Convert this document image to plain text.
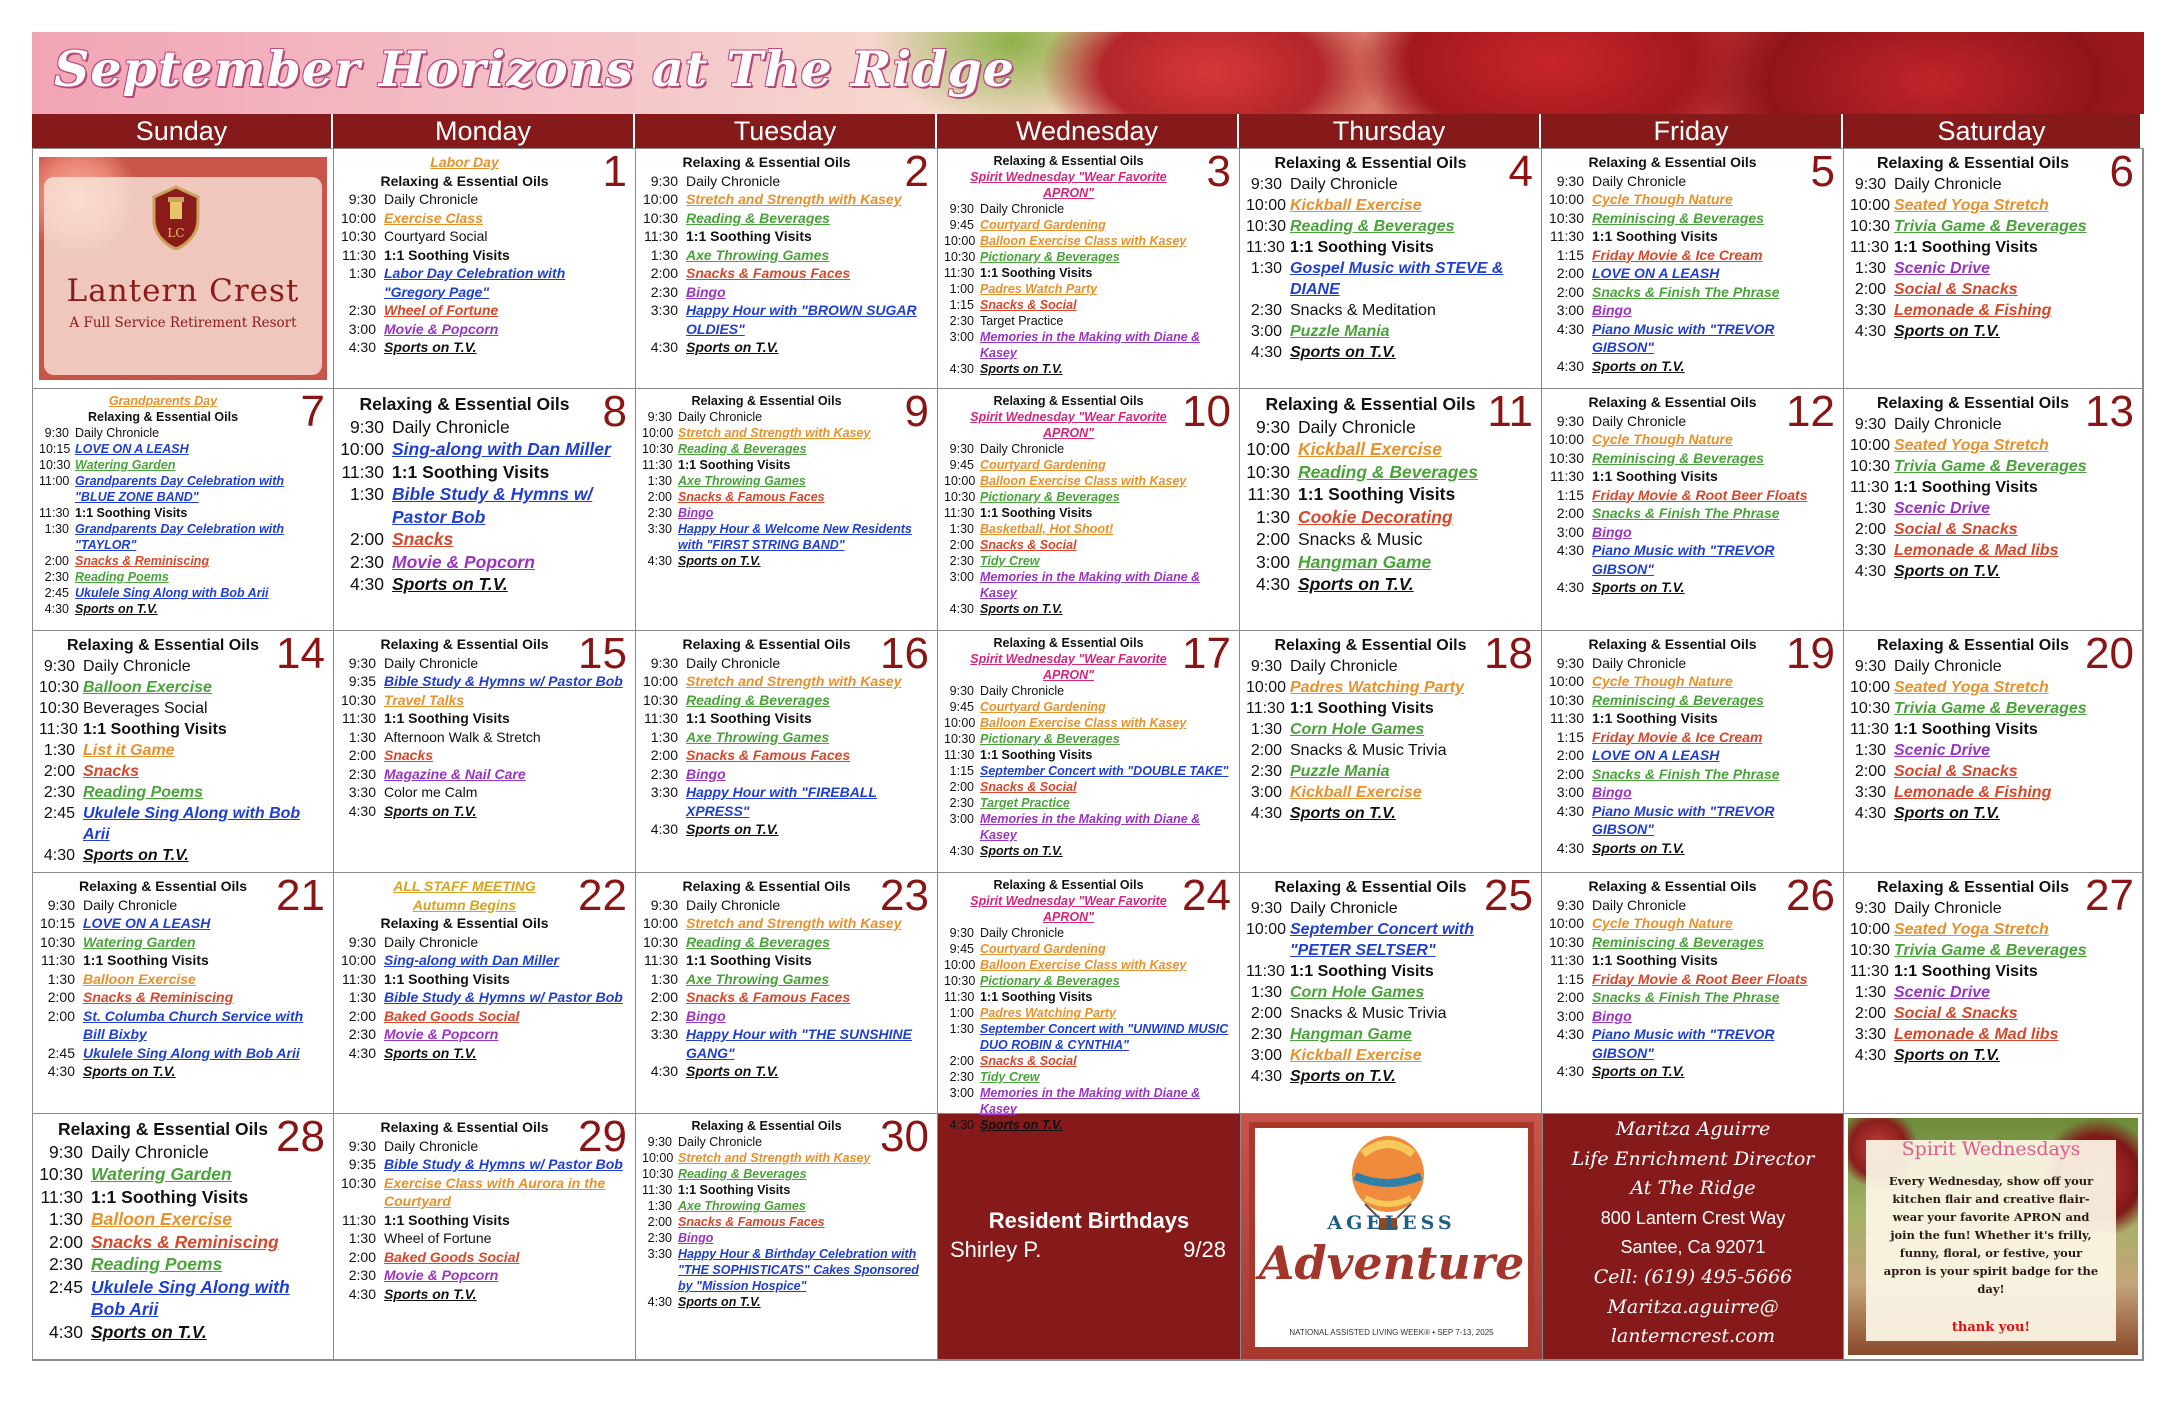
September Horizons at The Ridge
Sunday	Monday	Tuesday	Wednesday	Thursday	Friday	Saturday
LC
Lantern Crest
A Full Service Retirement Resort
Resident Birthdays
Shirley P.	9/28
AGELESS
Adventure
NATIONAL ASSISTED LIVING WEEK® • SEP 7-13, 2025
Maritza Aguirre
Life Enrichment Director
At The Ridge
800 Lantern Crest Way
Santee, Ca 92071
Cell: (619) 495-5666
Maritza.aguirre@
lanterncrest.com
Spirit Wednesdays
Every Wednesday, show off your kitchen flair and creative flair-wear your favorite APRON and join the fun! Whether it's frilly, funny, floral, or festive, your apron is your spirit badge for the day!
thank you!
1
Labor Day
Relaxing & Essential Oils
9:30 Daily Chronicle
10:00 Exercise Class
10:30 Courtyard Social
11:30 1:1 Soothing Visits
1:30 Labor Day Celebration with "Gregory Page"
2:30 Wheel of Fortune
3:00 Movie & Popcorn
4:30 Sports on T.V.
2
Relaxing & Essential Oils
9:30 Daily Chronicle
10:00 Stretch and Strength with Kasey
10:30 Reading & Beverages
11:30 1:1 Soothing Visits
1:30 Axe Throwing Games
2:00 Snacks & Famous Faces
2:30 Bingo
3:30 Happy Hour with "BROWN SUGAR OLDIES"
4:30 Sports on T.V.
3
Relaxing & Essential Oils
Spirit Wednesday "Wear Favorite APRON"
9:30 Daily Chronicle
9:45 Courtyard Gardening
10:00 Balloon Exercise Class with Kasey
10:30 Pictionary & Beverages
11:30 1:1 Soothing Visits
1:00 Padres Watch Party
1:15 Snacks & Social
2:30 Target Practice
3:00 Memories in the Making with Diane & Kasey
4:30 Sports on T.V.
4
Relaxing & Essential Oils
9:30 Daily Chronicle
10:00 Kickball Exercise
10:30 Reading & Beverages
11:30 1:1 Soothing Visits
1:30 Gospel Music with STEVE & DIANE
2:30 Snacks & Meditation
3:00 Puzzle Mania
4:30 Sports on T.V.
5
Relaxing & Essential Oils
9:30 Daily Chronicle
10:00 Cycle Though Nature
10:30 Reminiscing & Beverages
11:30 1:1 Soothing Visits
1:15 Friday Movie & Ice Cream
2:00 LOVE ON A LEASH
2:00 Snacks & Finish The Phrase
3:00 Bingo
4:30 Piano Music with "TREVOR GIBSON"
4:30 Sports on T.V.
6
Relaxing & Essential Oils
9:30 Daily Chronicle
10:00 Seated Yoga Stretch
10:30 Trivia Game & Beverages
11:30 1:1 Soothing Visits
1:30 Scenic Drive
2:00 Social & Snacks
3:30 Lemonade & Fishing
4:30 Sports on T.V.
7
Grandparents Day
Relaxing & Essential Oils
9:30 Daily Chronicle
10:15 LOVE ON A LEASH
10:30 Watering Garden
11:00 Grandparents Day Celebration with "BLUE ZONE BAND"
11:30 1:1 Soothing Visits
1:30 Grandparents Day Celebration with "TAYLOR"
2:00 Snacks & Reminiscing
2:30 Reading Poems
2:45 Ukulele Sing Along with Bob Arii
4:30 Sports on T.V.
8
Relaxing & Essential Oils
9:30 Daily Chronicle
10:00 Sing-along with Dan Miller
11:30 1:1 Soothing Visits
1:30 Bible Study & Hymns w/ Pastor Bob
2:00 Snacks
2:30 Movie & Popcorn
4:30 Sports on T.V.
9
Relaxing & Essential Oils
9:30 Daily Chronicle
10:00 Stretch and Strength with Kasey
10:30 Reading & Beverages
11:30 1:1 Soothing Visits
1:30 Axe Throwing Games
2:00 Snacks & Famous Faces
2:30 Bingo
3:30 Happy Hour & Welcome New Residents with "FIRST STRING BAND"
4:30 Sports on T.V.
10
Relaxing & Essential Oils
Spirit Wednesday "Wear Favorite APRON"
9:30 Daily Chronicle
9:45 Courtyard Gardening
10:00 Balloon Exercise Class with Kasey
10:30 Pictionary & Beverages
11:30 1:1 Soothing Visits
1:30 Basketball, Hot Shoot!
2:00 Snacks & Social
2:30 Tidy Crew
3:00 Memories in the Making with Diane & Kasey
4:30 Sports on T.V.
11
Relaxing & Essential Oils
9:30 Daily Chronicle
10:00 Kickball Exercise
10:30 Reading & Beverages
11:30 1:1 Soothing Visits
1:30 Cookie Decorating
2:00 Snacks & Music
3:00 Hangman Game
4:30 Sports on T.V.
12
Relaxing & Essential Oils
9:30 Daily Chronicle
10:00 Cycle Though Nature
10:30 Reminiscing & Beverages
11:30 1:1 Soothing Visits
1:15 Friday Movie & Root Beer Floats
2:00 Snacks & Finish The Phrase
3:00 Bingo
4:30 Piano Music with "TREVOR GIBSON"
4:30 Sports on T.V.
13
Relaxing & Essential Oils
9:30 Daily Chronicle
10:00 Seated Yoga Stretch
10:30 Trivia Game & Beverages
11:30 1:1 Soothing Visits
1:30 Scenic Drive
2:00 Social & Snacks
3:30 Lemonade & Mad libs
4:30 Sports on T.V.
14
Relaxing & Essential Oils
9:30 Daily Chronicle
10:30 Balloon Exercise
10:30 Beverages Social
11:30 1:1 Soothing Visits
1:30 List it Game
2:00 Snacks
2:30 Reading Poems
2:45 Ukulele Sing Along with Bob Arii
4:30 Sports on T.V.
15
Relaxing & Essential Oils
9:30 Daily Chronicle
9:35 Bible Study & Hymns w/ Pastor Bob
10:30 Travel Talks
11:30 1:1 Soothing Visits
1:30 Afternoon Walk & Stretch
2:00 Snacks
2:30 Magazine & Nail Care
3:30 Color me Calm
4:30 Sports on T.V.
16
Relaxing & Essential Oils
9:30 Daily Chronicle
10:00 Stretch and Strength with Kasey
10:30 Reading & Beverages
11:30 1:1 Soothing Visits
1:30 Axe Throwing Games
2:00 Snacks & Famous Faces
2:30 Bingo
3:30 Happy Hour with "FIREBALL XPRESS"
4:30 Sports on T.V.
17
Relaxing & Essential Oils
Spirit Wednesday "Wear Favorite APRON"
9:30 Daily Chronicle
9:45 Courtyard Gardening
10:00 Balloon Exercise Class with Kasey
10:30 Pictionary & Beverages
11:30 1:1 Soothing Visits
1:15 September Concert with "DOUBLE TAKE"
2:00 Snacks & Social
2:30 Target Practice
3:00 Memories in the Making with Diane & Kasey
4:30 Sports on T.V.
18
Relaxing & Essential Oils
9:30 Daily Chronicle
10:00 Padres Watching Party
11:30 1:1 Soothing Visits
1:30 Corn Hole Games
2:00 Snacks & Music Trivia
2:30 Puzzle Mania
3:00 Kickball Exercise
4:30 Sports on T.V.
19
Relaxing & Essential Oils
9:30 Daily Chronicle
10:00 Cycle Though Nature
10:30 Reminiscing & Beverages
11:30 1:1 Soothing Visits
1:15 Friday Movie & Ice Cream
2:00 LOVE ON A LEASH
2:00 Snacks & Finish The Phrase
3:00 Bingo
4:30 Piano Music with "TREVOR GIBSON"
4:30 Sports on T.V.
20
Relaxing & Essential Oils
9:30 Daily Chronicle
10:00 Seated Yoga Stretch
10:30 Trivia Game & Beverages
11:30 1:1 Soothing Visits
1:30 Scenic Drive
2:00 Social & Snacks
3:30 Lemonade & Fishing
4:30 Sports on T.V.
21
Relaxing & Essential Oils
9:30 Daily Chronicle
10:15 LOVE ON A LEASH
10:30 Watering Garden
11:30 1:1 Soothing Visits
1:30 Balloon Exercise
2:00 Snacks & Reminiscing
2:00 St. Columba Church Service with Bill Bixby
2:45 Ukulele Sing Along with Bob Arii
4:30 Sports on T.V.
22
ALL STAFF MEETING
Autumn Begins
Relaxing & Essential Oils
9:30 Daily Chronicle
10:00 Sing-along with Dan Miller
11:30 1:1 Soothing Visits
1:30 Bible Study & Hymns w/ Pastor Bob
2:00 Baked Goods Social
2:30 Movie & Popcorn
4:30 Sports on T.V.
23
Relaxing & Essential Oils
9:30 Daily Chronicle
10:00 Stretch and Strength with Kasey
10:30 Reading & Beverages
11:30 1:1 Soothing Visits
1:30 Axe Throwing Games
2:00 Snacks & Famous Faces
2:30 Bingo
3:30 Happy Hour with "THE SUNSHINE GANG"
4:30 Sports on T.V.
24
Relaxing & Essential Oils
Spirit Wednesday "Wear Favorite APRON"
9:30 Daily Chronicle
9:45 Courtyard Gardening
10:00 Balloon Exercise Class with Kasey
10:30 Pictionary & Beverages
11:30 1:1 Soothing Visits
1:00 Padres Watching Party
1:30 September Concert with "UNWIND MUSIC DUO ROBIN & CYNTHIA"
2:00 Snacks & Social
2:30 Tidy Crew
3:00 Memories in the Making with Diane & Kasey
4:30 Sports on T.V.
25
Relaxing & Essential Oils
9:30 Daily Chronicle
10:00 September Concert with "PETER SELTSER"
11:30 1:1 Soothing Visits
1:30 Corn Hole Games
2:00 Snacks & Music Trivia
2:30 Hangman Game
3:00 Kickball Exercise
4:30 Sports on T.V.
26
Relaxing & Essential Oils
9:30 Daily Chronicle
10:00 Cycle Though Nature
10:30 Reminiscing & Beverages
11:30 1:1 Soothing Visits
1:15 Friday Movie & Root Beer Floats
2:00 Snacks & Finish The Phrase
3:00 Bingo
4:30 Piano Music with "TREVOR GIBSON"
4:30 Sports on T.V.
27
Relaxing & Essential Oils
9:30 Daily Chronicle
10:00 Seated Yoga Stretch
10:30 Trivia Game & Beverages
11:30 1:1 Soothing Visits
1:30 Scenic Drive
2:00 Social & Snacks
3:30 Lemonade & Mad libs
4:30 Sports on T.V.
28
Relaxing & Essential Oils
9:30 Daily Chronicle
10:30 Watering Garden
11:30 1:1 Soothing Visits
1:30 Balloon Exercise
2:00 Snacks & Reminiscing
2:30 Reading Poems
2:45 Ukulele Sing Along with Bob Arii
4:30 Sports on T.V.
29
Relaxing & Essential Oils
9:30 Daily Chronicle
9:35 Bible Study & Hymns w/ Pastor Bob
10:30 Exercise Class with Aurora in the Courtyard
11:30 1:1 Soothing Visits
1:30 Wheel of Fortune
2:00 Baked Goods Social
2:30 Movie & Popcorn
4:30 Sports on T.V.
30
Relaxing & Essential Oils
9:30 Daily Chronicle
10:00 Stretch and Strength with Kasey
10:30 Reading & Beverages
11:30 1:1 Soothing Visits
1:30 Axe Throwing Games
2:00 Snacks & Famous Faces
2:30 Bingo
3:30 Happy Hour & Birthday Celebration with "THE SOPHISTICATS" Cakes Sponsored by "Mission Hospice"
4:30 Sports on T.V.
